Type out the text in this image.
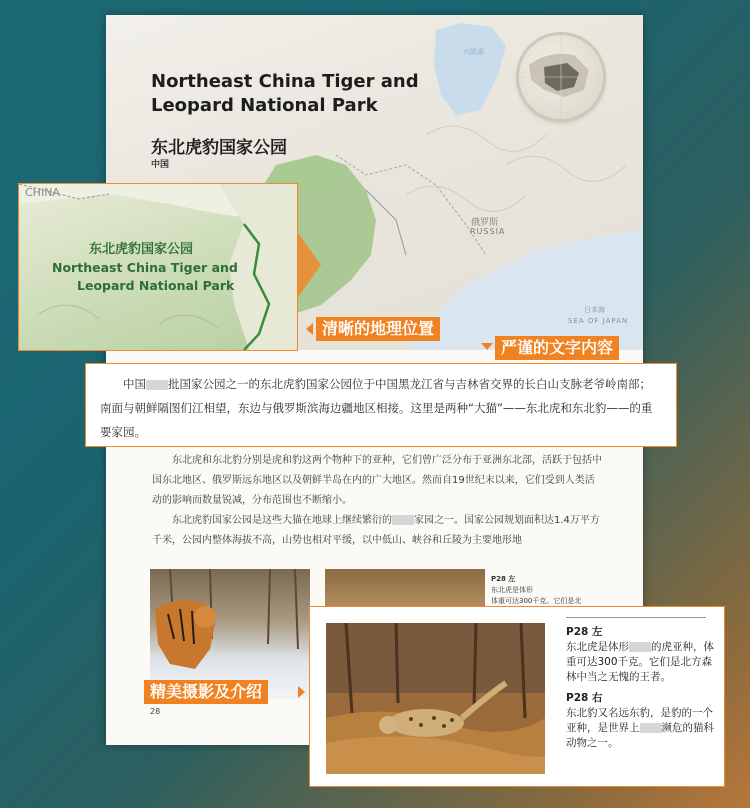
Northeast China Tiger and
Leopard National Park
东北虎豹国家公园
中国
兴凯湖
俄罗斯
RUSSIA
日本海
SEA OF JAPAN

东北虎和东北豹分别是虎和豹这两个物种下的亚种，它们曾广泛分布于亚洲东北部，活跃于包括中国东北地区、俄罗斯远东地区以及朝鲜半岛在内的广大地区。然而自19世纪末以来，它们受到人类活动的影响而数量锐减，分布范围也不断缩小。

东北虎豹国家公园是这些大猫在地球上继续繁衍的 家园之一。国家公园规划面积达1.4万平方千米，公园内整体海拔不高，山势也相对平缓，以中低山、峡谷和丘陵为主要地形地

P28 左
东北虎是体形
体重可达300千克。它们是北
28
CHINA
东北虎豹国家公园
Northeast China Tiger and
Leopard National Park
清晰的地理位置
严谨的文字内容

中国 批国家公园之一的东北虎豹国家公园位于中国黑龙江省与吉林省交界的长白山支脉老爷岭南部；南面与朝鲜隔图们江相望，东边与俄罗斯滨海边疆地区相接。这里是两种“大猫”——东北虎和东北豹——的重要家园。

精美摄影及介绍
P28 左
东北虎是体形 的虎亚种，体重可达300千克。它们是北方森林中当之无愧的王者。
P28 右
东北豹又名远东豹，是豹的一个亚种，是世界上 濒危的猫科动物之一。
